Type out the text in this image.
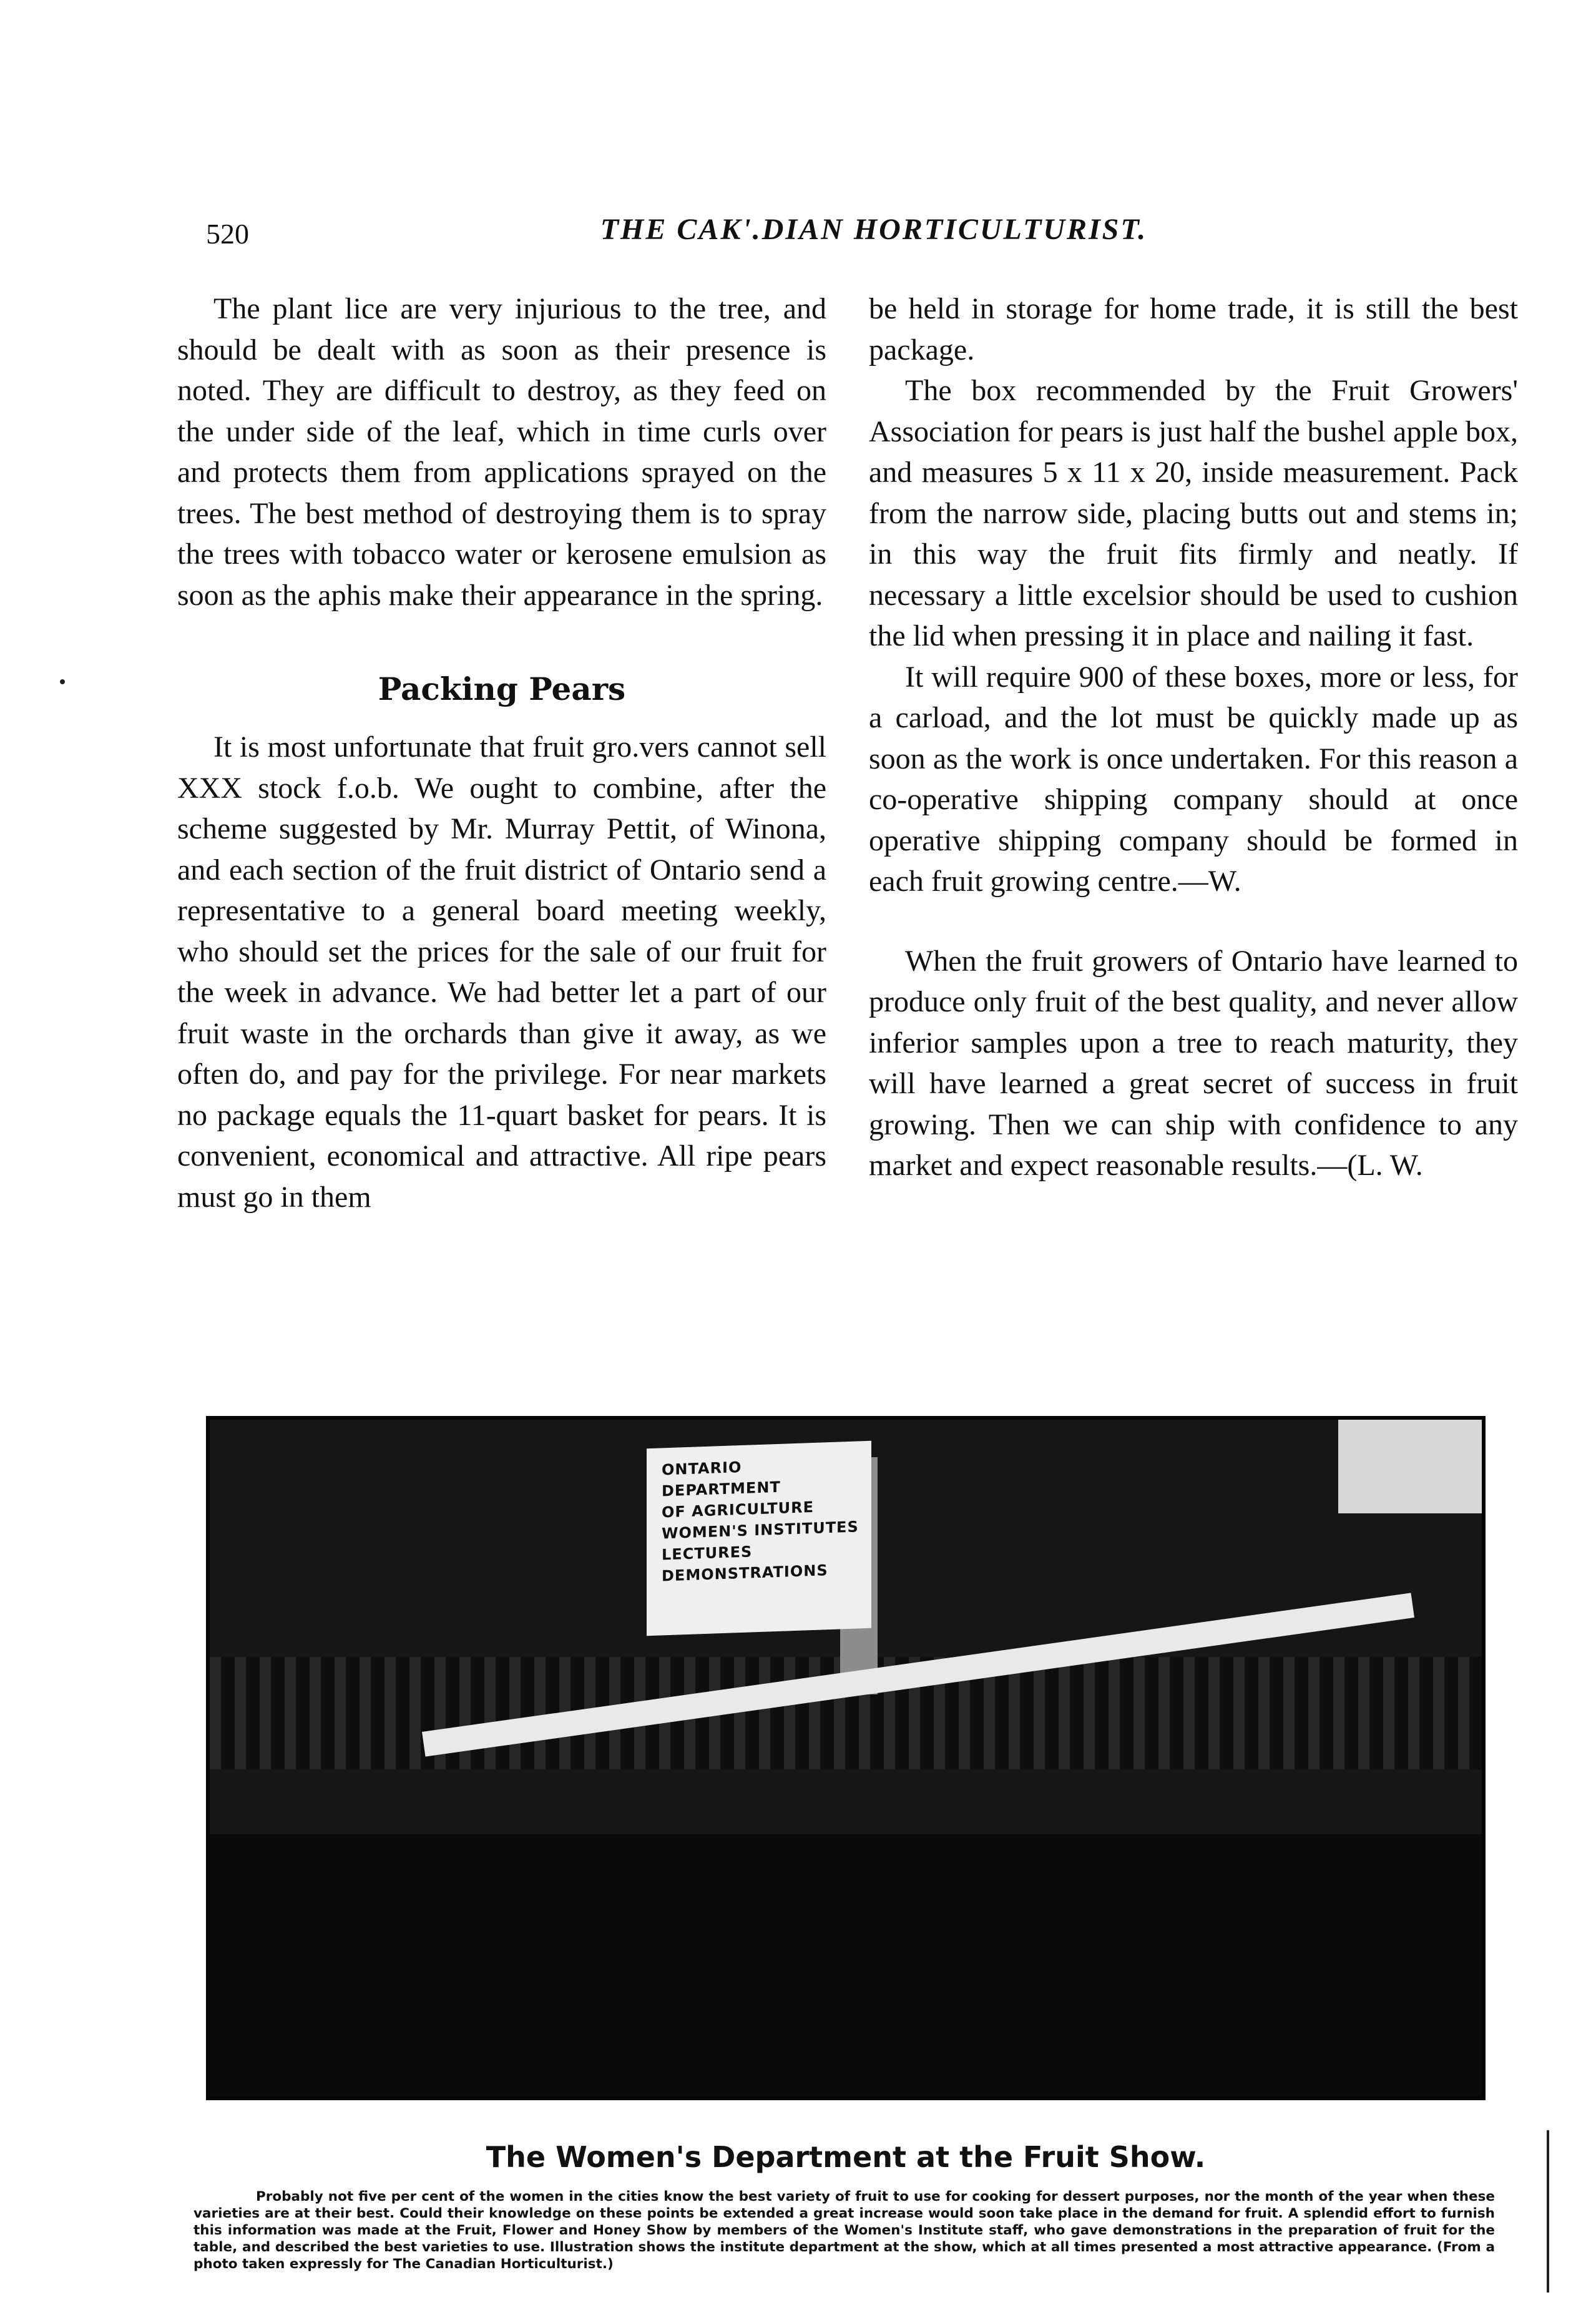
520	THE CAK'.DIAN HORTICULTURIST.

The plant lice are very injurious to the tree, and should be dealt with as soon as their presence is noted. They are difficult to destroy, as they feed on the under side of the leaf, which in time curls over and protects them from applications sprayed on the trees. The best method of destroying them is to spray the trees with tobacco water or kerosene emulsion as soon as the aphis make their appearance in the spring.

Packing Pears

It is most unfortunate that fruit gro.vers cannot sell XXX stock f.o.b. We ought to combine, after the scheme suggested by Mr. Murray Pettit, of Winona, and each section of the fruit district of Ontario send a representative to a general board meeting weekly, who should set the prices for the sale of our fruit for the week in advance. We had better let a part of our fruit waste in the orchards than give it away, as we often do, and pay for the privilege. For near markets no package equals the 11-quart basket for pears. It is convenient, economical and attractive. All ripe pears must go in them

be held in storage for home trade, it is still the best package.

The box recommended by the Fruit Growers' Association for pears is just half the bushel apple box, and measures 5 x 11 x 20, inside measurement. Pack from the narrow side, placing butts out and stems in; in this way the fruit fits firmly and neatly. If necessary a little excelsior should be used to cushion the lid when pressing it in place and nailing it fast.

It will require 900 of these boxes, more or less, for a carload, and the lot must be quickly made up as soon as the work is once undertaken. For this reason a co-operative shipping company should at once operative shipping company should be formed in each fruit growing centre.—W.

When the fruit growers of Ontario have learned to produce only fruit of the best quality, and never allow inferior samples upon a tree to reach maturity, they will have learned a great secret of success in fruit growing. Then we can ship with confidence to any market and expect reasonable results.—(L. W.

ONTARIO DEPARTMENT
OF AGRICULTURE
WOMEN'S INSTITUTES
LECTURES
DEMONSTRATIONS
The Women's Department at the Fruit Show.
Probably not five per cent of the women in the cities know the best variety of fruit to use for cooking for dessert purposes, nor the month of the year when these varieties are at their best. Could their knowledge on these points be extended a great increase would soon take place in the demand for fruit. A splendid effort to furnish this information was made at the Fruit, Flower and Honey Show by members of the Women's Institute staff, who gave demonstrations in the preparation of fruit for the table, and described the best varieties to use. Illustration shows the institute department at the show, which at all times presented a most attractive appearance. (From a photo taken expressly for The Canadian Horticulturist.)
